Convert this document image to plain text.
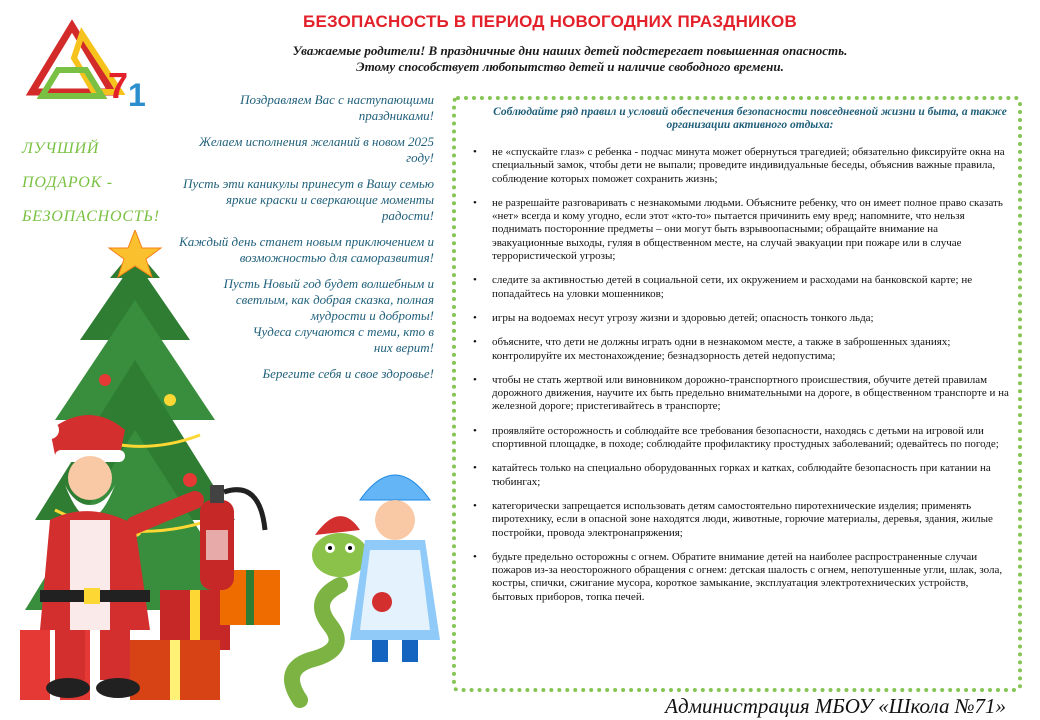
БЕЗОПАСНОСТЬ В ПЕРИОД НОВОГОДНИХ ПРАЗДНИКОВ
Уважаемые родители! В праздничные дни наших детей подстерегает повышенная опасность.
Этому способствует любопытство детей и наличие свободного времени.
7 1
ЛУЧШИЙ
ПОДАРОК -
БЕЗОПАСНОСТЬ!

Поздравляем Вас с наступающими праздниками!

Желаем исполнения желаний в новом 2025 году!

Пусть эти каникулы принесут в Вашу семью яркие краски и сверкающие моменты радости!

Каждый день станет новым приключением и возможностью для саморазвития!

Пусть Новый год будет волшебным и светлым, как добрая сказка, полная мудрости и доброты!

Чудеса случаются с теми, кто в них верит!

Берегите себя и свое здоровье!

Соблюдайте ряд правил и условий обеспечения безопасности повседневной жизни и быта, а также организации активного отдыха:
• не «спускайте глаз» с ребенка - подчас минута может обернуться трагедией; обязательно фиксируйте окна на специальный замок, чтобы дети не выпали; проведите индивидуальные беседы, объяснив важные правила, соблюдение которых поможет сохранить жизнь;
• не разрешайте разговаривать с незнакомыми людьми. Объясните ребенку, что он имеет полное право сказать «нет» всегда и кому угодно, если этот «кто-то» пытается причинить ему вред; напомните, что нельзя поднимать посторонние предметы – они могут быть взрывоопасными; обращайте внимание на эвакуационные выходы, гуляя в общественном месте, на случай эвакуации при пожаре или в случае террористической угрозы;
• следите за активностью детей в социальной сети, их окружением и расходами на банковской карте; не попадайтесь на уловки мошенников;
• игры на водоемах несут угрозу жизни и здоровью детей; опасность тонкого льда;
• объясните, что дети не должны играть одни в незнакомом месте, а также в заброшенных зданиях; контролируйте их местонахождение; безнадзорность детей недопустима;
• чтобы не стать жертвой или виновником дорожно-транспортного происшествия, обучите детей правилам дорожного движения, научите их быть предельно внимательными на дороге, в общественном транспорте и на железной дороге; пристегивайтесь в транспорте;
• проявляйте осторожность и соблюдайте все требования безопасности, находясь с детьми на игровой или спортивной площадке, в походе; соблюдайте профилактику простудных заболеваний; одевайтесь по погоде;
• катайтесь только на специально оборудованных горках и катках, соблюдайте безопасность при катании на тюбингах;
• категорически запрещается использовать детям самостоятельно пиротехнические изделия; применять пиротехнику, если в опасной зоне находятся люди, животные, горючие материалы, деревья, здания, жилые постройки, провода электронапряжения;
• будьте предельно осторожны с огнем. Обратите внимание детей на наиболее распространенные случаи пожаров из-за неосторожного обращения с огнем: детская шалость с огнем, непотушенные угли, шлак, зола, костры, спички, сжигание мусора, короткое замыкание, эксплуатация электротехнических устройств, бытовых приборов, топка печей.
Администрация МБОУ «Школа №71»
